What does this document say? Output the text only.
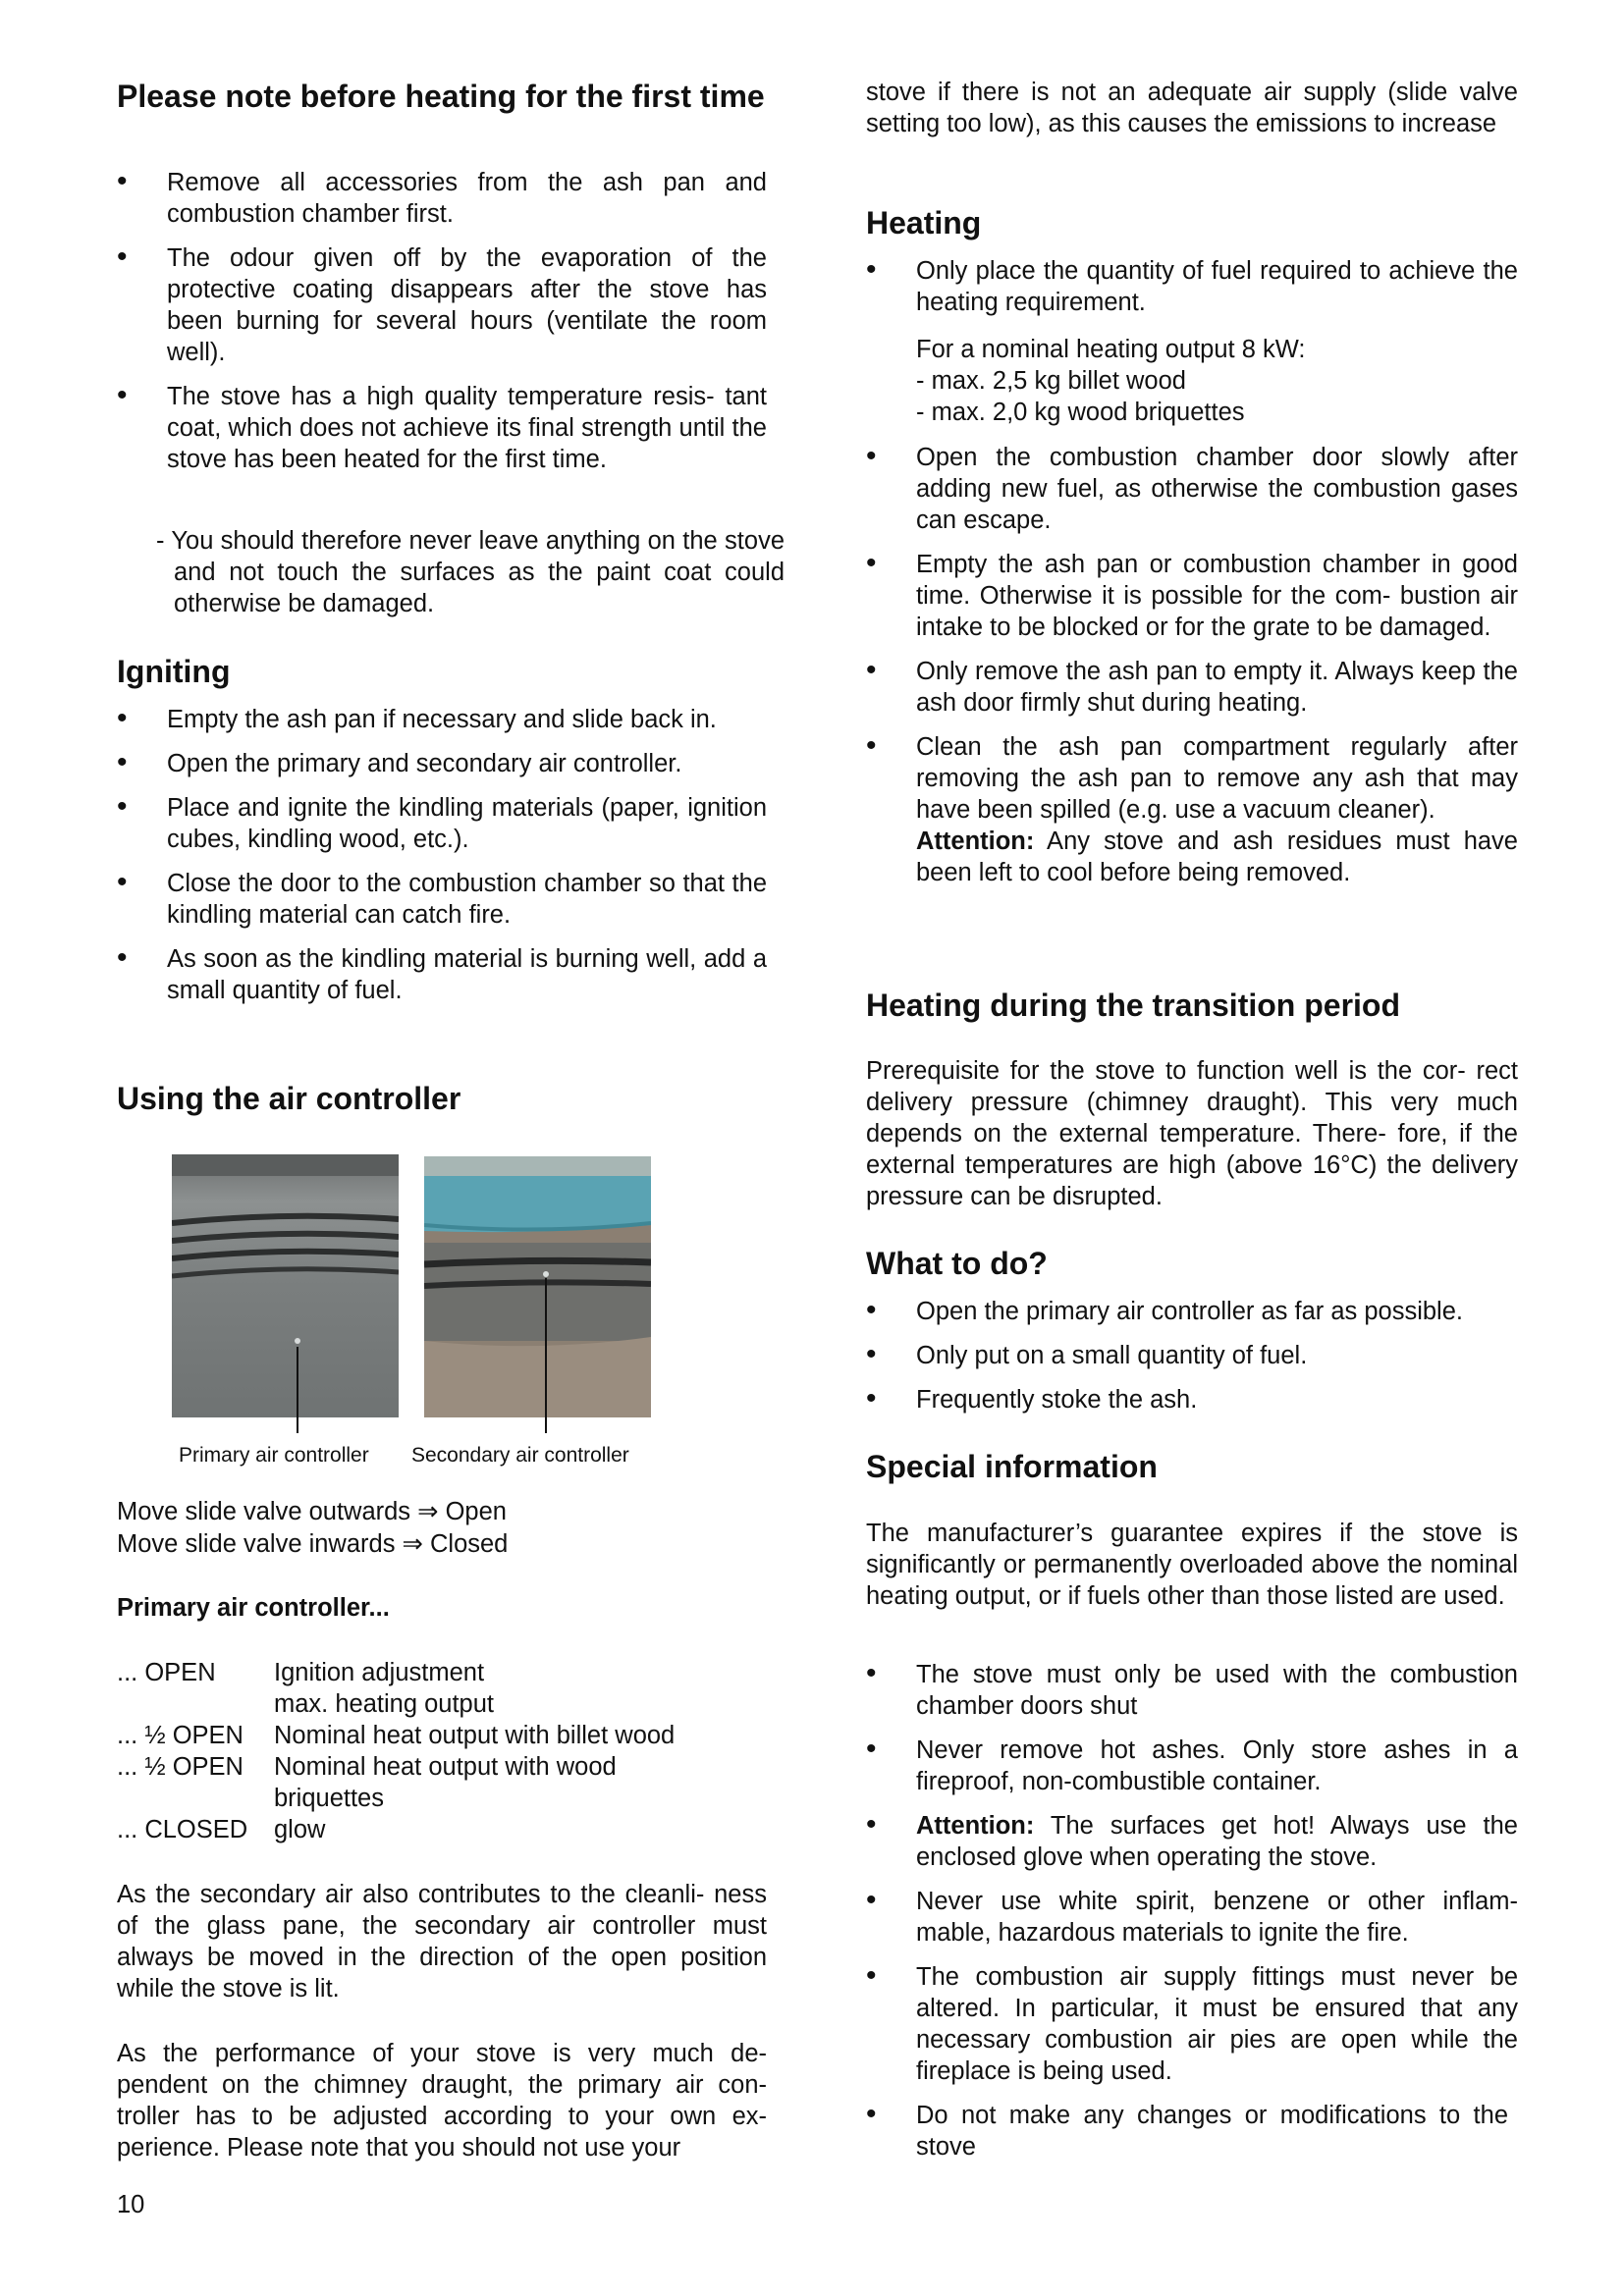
Please note before heating for the first time
• Remove all accessories from the ash pan and combustion chamber first.
• The odour given off by the evaporation of the protective coating disappears after the stove has been burning for several hours (ventilate the room well).
• The stove has a high quality temperature resis- tant coat, which does not achieve its final strength until the stove has been heated for the first time.

- You should therefore never leave anything on the stove and not touch the surfaces as the paint coat could otherwise be damaged.

Igniting
• Empty the ash pan if necessary and slide back in.
• Open the primary and secondary air controller.
• Place and ignite the kindling materials (paper, ignition cubes, kindling wood, etc.).
• Close the door to the combustion chamber so that the kindling material can catch fire.
• As soon as the kindling material is burning well, add a small quantity of fuel.
Using the air controller
Primary air controller Secondary air controller
Move slide valve outwards ⇒ Open
Move slide valve inwards ⇒ Closed
Primary air controller...
... OPEN	Ignition adjustment
max. heating output
... ½ OPEN	Nominal heat output with billet wood
... ½ OPEN	Nominal heat output with wood
briquettes
... CLOSED	glow

As the secondary air also contributes to the cleanli- ness of the glass pane, the secondary air controller must always be moved in the direction of the open position while the stove is lit.

As the performance of your stove is very much de- pendent on the chimney draught, the primary air con- troller has to be adjusted according to your own ex- perience. Please note that you should not use your

10

stove if there is not an adequate air supply (slide valve setting too low), as this causes the emissions to increase

Heating
• Only place the quantity of fuel required to achieve the heating requirement.
For a nominal heating output 8 kW:
- max. 2,5 kg billet wood
- max. 2,0 kg wood briquettes
• Open the combustion chamber door slowly after adding new fuel, as otherwise the combustion gases can escape.
• Empty the ash pan or combustion chamber in good time. Otherwise it is possible for the com- bustion air intake to be blocked or for the grate to be damaged.
• Only remove the ash pan to empty it. Always keep the ash door firmly shut during heating.
• Clean the ash pan compartment regularly after removing the ash pan to remove any ash that may have been spilled (e.g. use a vacuum cleaner).
Attention: Any stove and ash residues must have been left to cool before being removed.
Heating during the transition period

Prerequisite for the stove to function well is the cor- rect delivery pressure (chimney draught). This very much depends on the external temperature. There- fore, if the external temperatures are high (above 16°C) the delivery pressure can be disrupted.

What to do?
• Open the primary air controller as far as possible.
• Only put on a small quantity of fuel.
• Frequently stoke the ash.
Special information

The manufacturer’s guarantee expires if the stove is significantly or permanently overloaded above the nominal heating output, or if fuels other than those listed are used.

• The stove must only be used with the combustion chamber doors shut
• Never remove hot ashes. Only store ashes in a fireproof, non-combustible container.
• Attention: The surfaces get hot! Always use the enclosed glove when operating the stove.
• Never use white spirit, benzene or other inflam- mable, hazardous materials to ignite the fire.
• The combustion air supply fittings must never be altered. In particular, it must be ensured that any necessary combustion air pies are open while the fireplace is being used.
• Do not make any changes or modifications to the stove
